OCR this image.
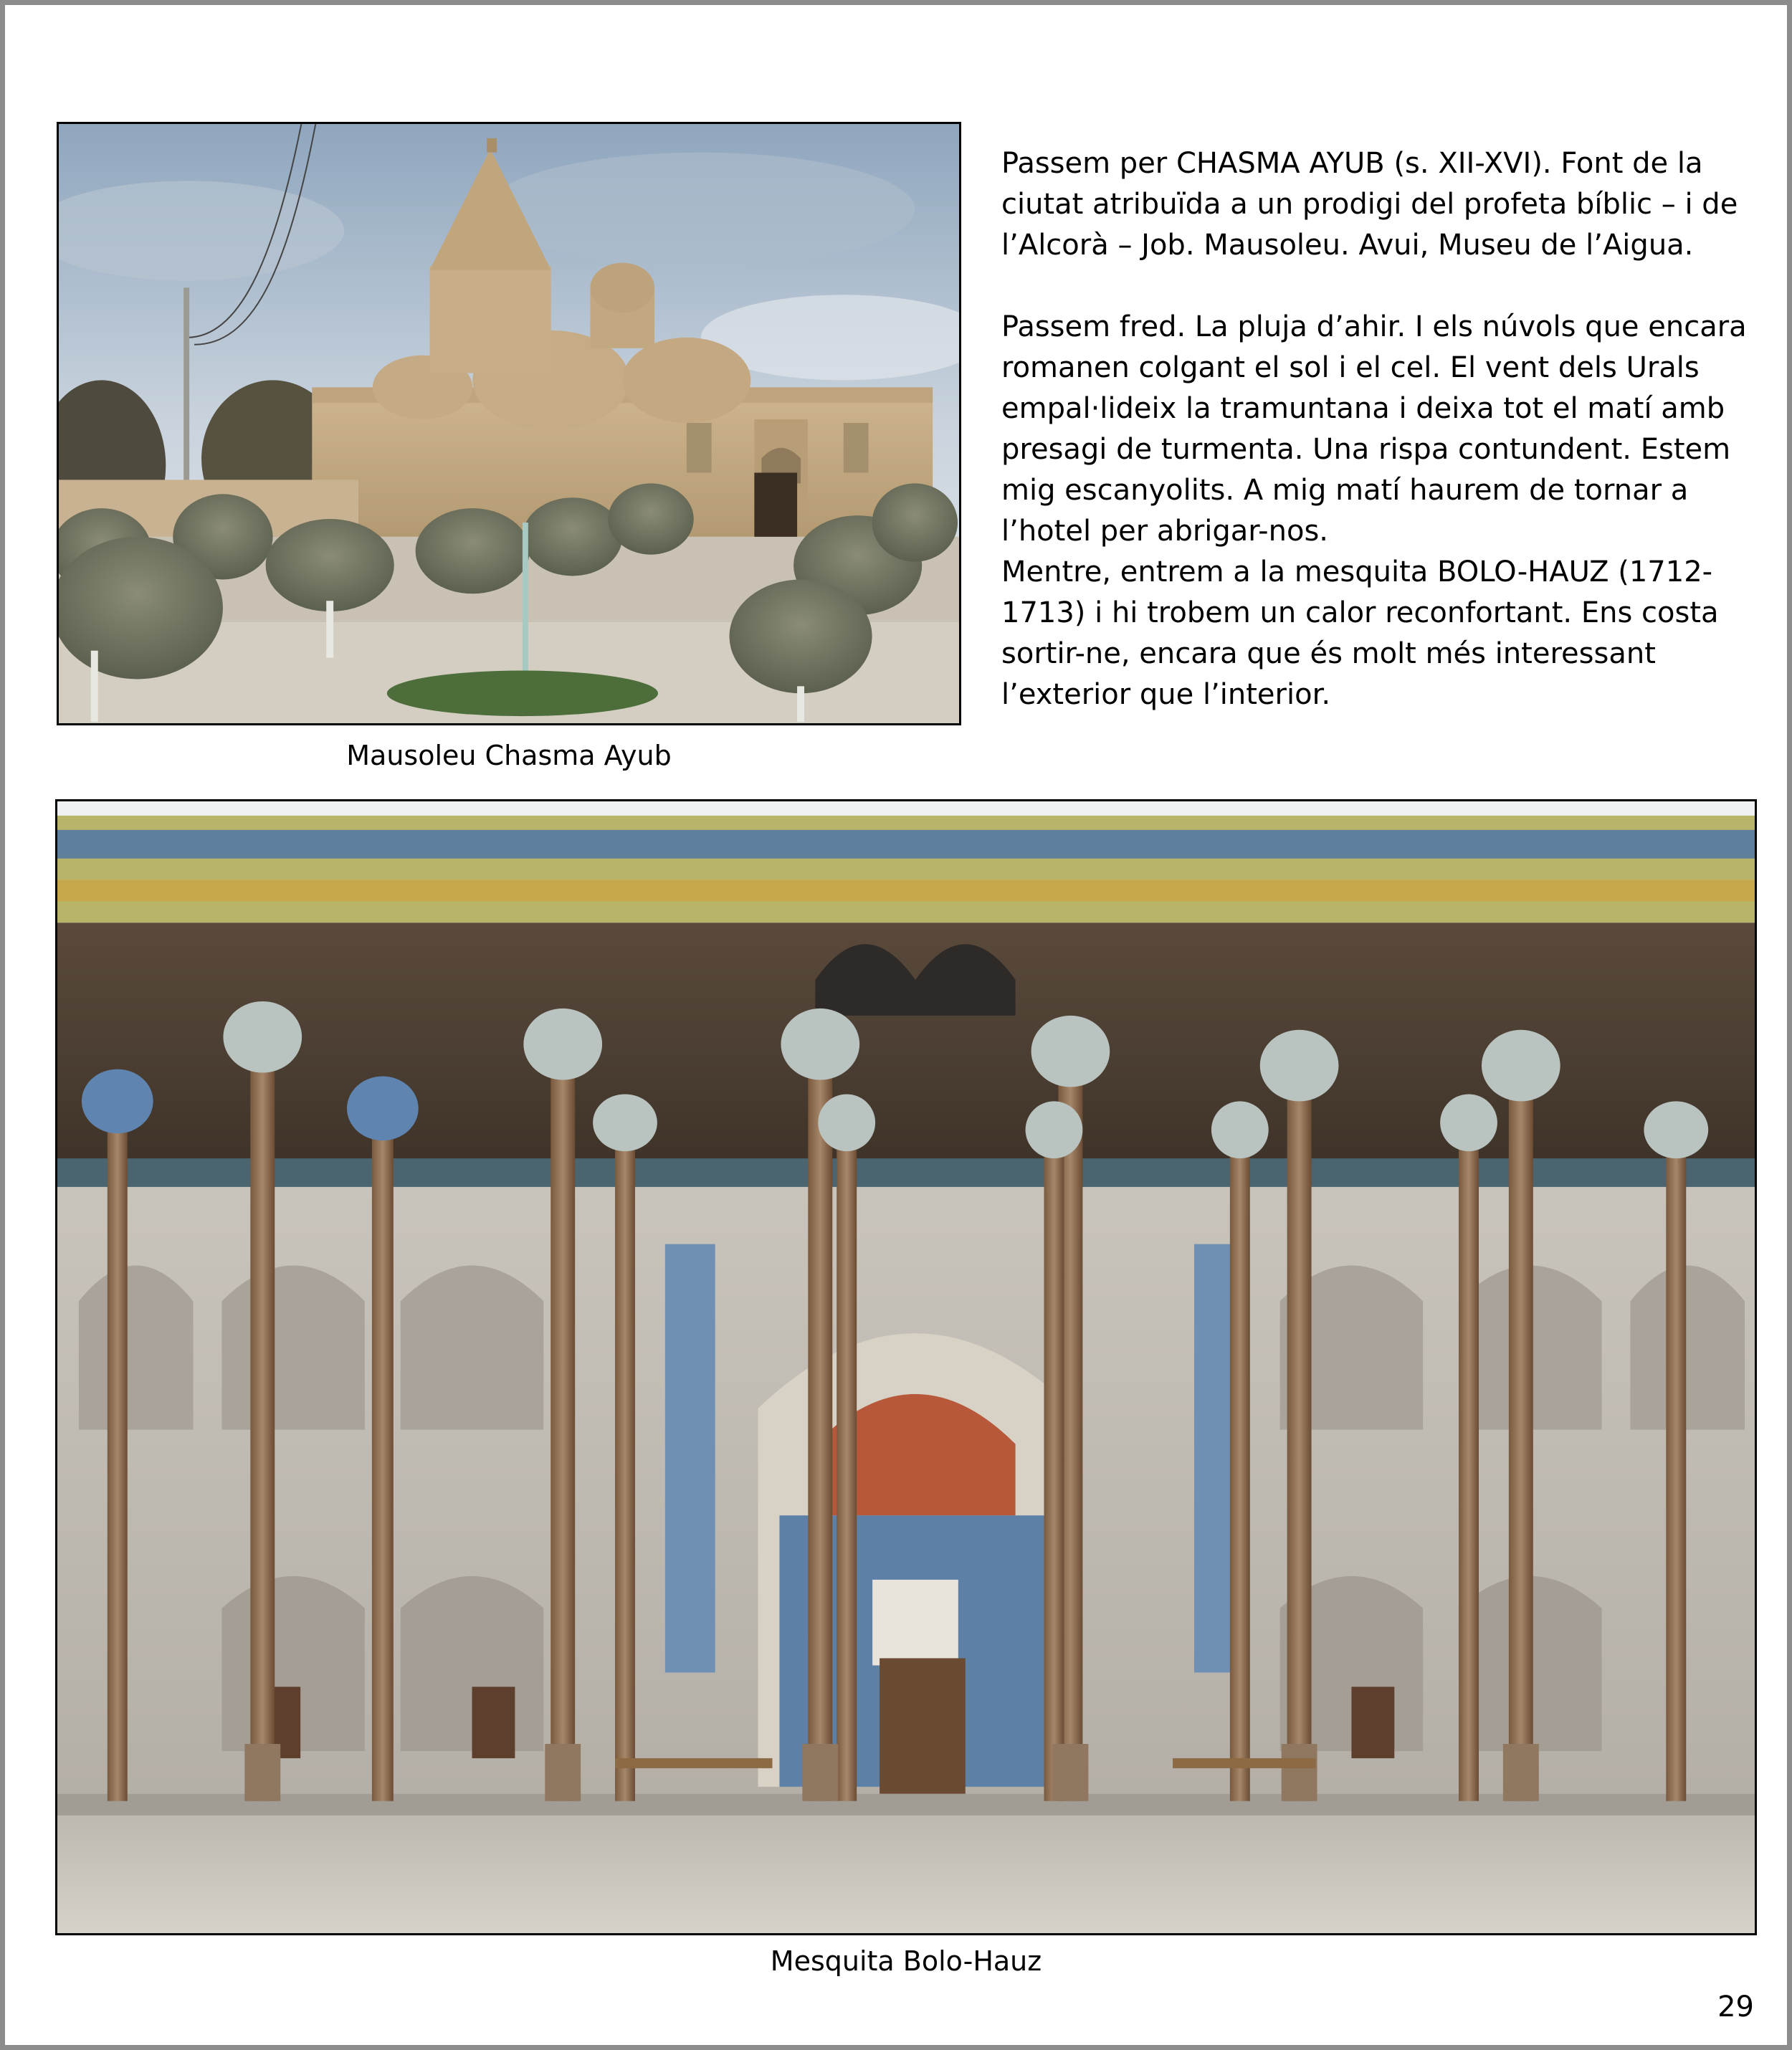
Mausoleu Chasma Ayub

Passem per CHASMA AYUB (s. XII-XVI). Font de la ciutat atribuïda a un prodigi del profeta bíblic – i de l’Alcorà – Job. Mausoleu. Avui, Museu de l’Aigua.

Passem fred. La pluja d’ahir. I els núvols que encara romanen colgant el sol i el cel. El vent dels Urals empal·lideix la tramuntana i deixa tot el matí amb presagi de turmenta. Una rispa contundent. Estem mig escanyolits. A mig matí haurem de tornar a l’hotel per abrigar-nos.

Mentre, entrem a la mesquita BOLO-HAUZ (1712-1713) i hi trobem un calor reconfortant. Ens costa sortir-ne, encara que és molt més interessant l’exterior que l’interior.

Mesquita Bolo-Hauz
29
